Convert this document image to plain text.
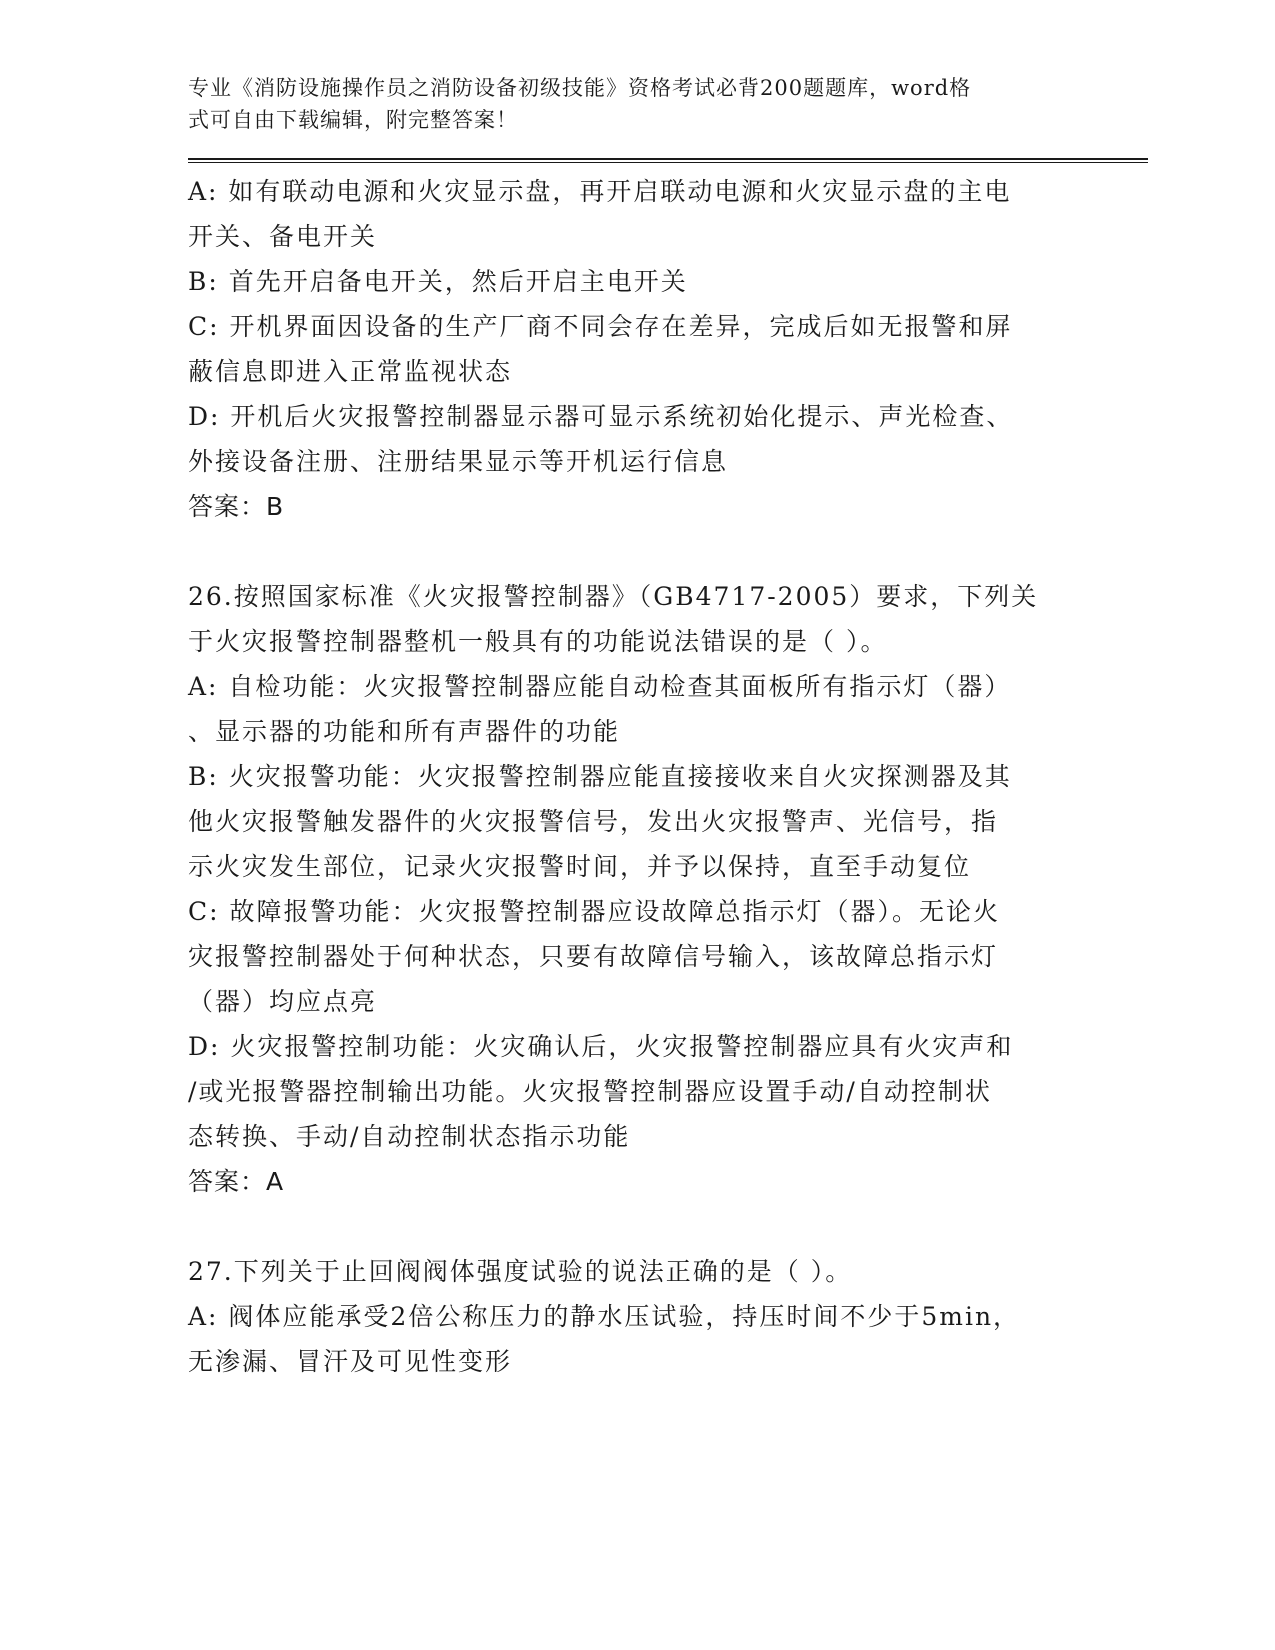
专业《消防设施操作员之消防设备初级技能》资格考试必背200题题库，word格

式可自由下载编辑，附完整答案！

A: 如有联动电源和火灾显示盘，再开启联动电源和火灾显示盘的主电

开关、备电开关

B: 首先开启备电开关，然后开启主电开关

C: 开机界面因设备的生产厂商不同会存在差异，完成后如无报警和屏

蔽信息即进入正常监视状态

D: 开机后火灾报警控制器显示器可显示系统初始化提示、声光检查、

外接设备注册、注册结果显示等开机运行信息

答案：B

26.按照国家标准《火灾报警控制器》（GB4717-2005）要求，下列关

于火灾报警控制器整机一般具有的功能说法错误的是（ ）。

A: 自检功能：火灾报警控制器应能自动检查其面板所有指示灯（器）

、显示器的功能和所有声器件的功能

B: 火灾报警功能：火灾报警控制器应能直接接收来自火灾探测器及其

他火灾报警触发器件的火灾报警信号，发出火灾报警声、光信号，指

示火灾发生部位，记录火灾报警时间，并予以保持，直至手动复位

C: 故障报警功能：火灾报警控制器应设故障总指示灯（器）。无论火

灾报警控制器处于何种状态，只要有故障信号输入，该故障总指示灯

（器）均应点亮

D: 火灾报警控制功能：火灾确认后，火灾报警控制器应具有火灾声和

/或光报警器控制输出功能。火灾报警控制器应设置手动/自动控制状

态转换、手动/自动控制状态指示功能

答案：A

27.下列关于止回阀阀体强度试验的说法正确的是（ ）。

A: 阀体应能承受2倍公称压力的静水压试验，持压时间不少于5min，

无渗漏、冒汗及可见性变形
